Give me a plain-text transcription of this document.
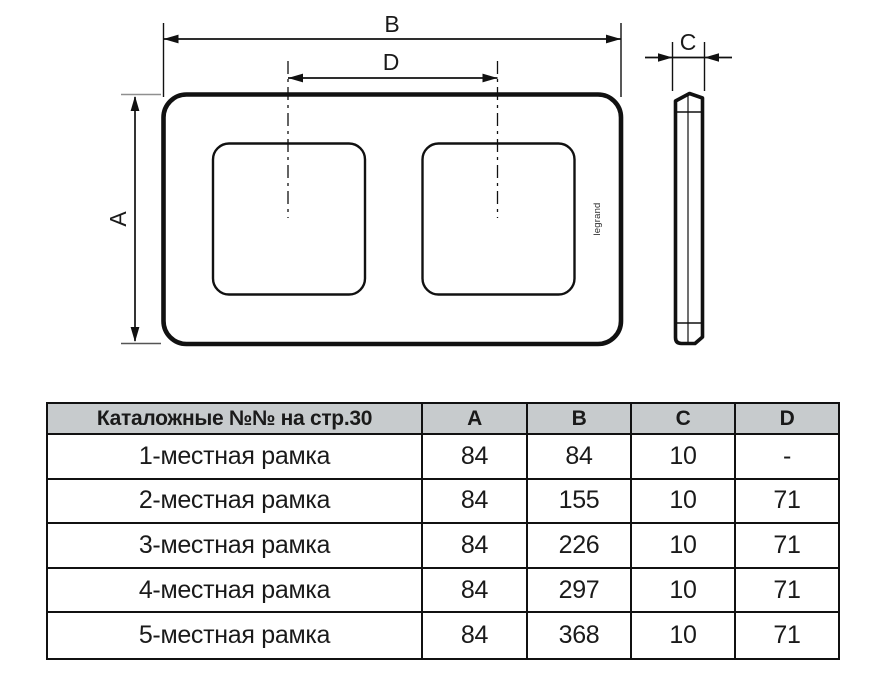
B
D
legrand
A
C
Каталожные №№ на стр.30	A	B	C	D
1-местная рамка	84	84	10	-
2-местная рамка	84	155	10	71
3-местная рамка	84	226	10	71
4-местная рамка	84	297	10	71
5-местная рамка	84	368	10	71
